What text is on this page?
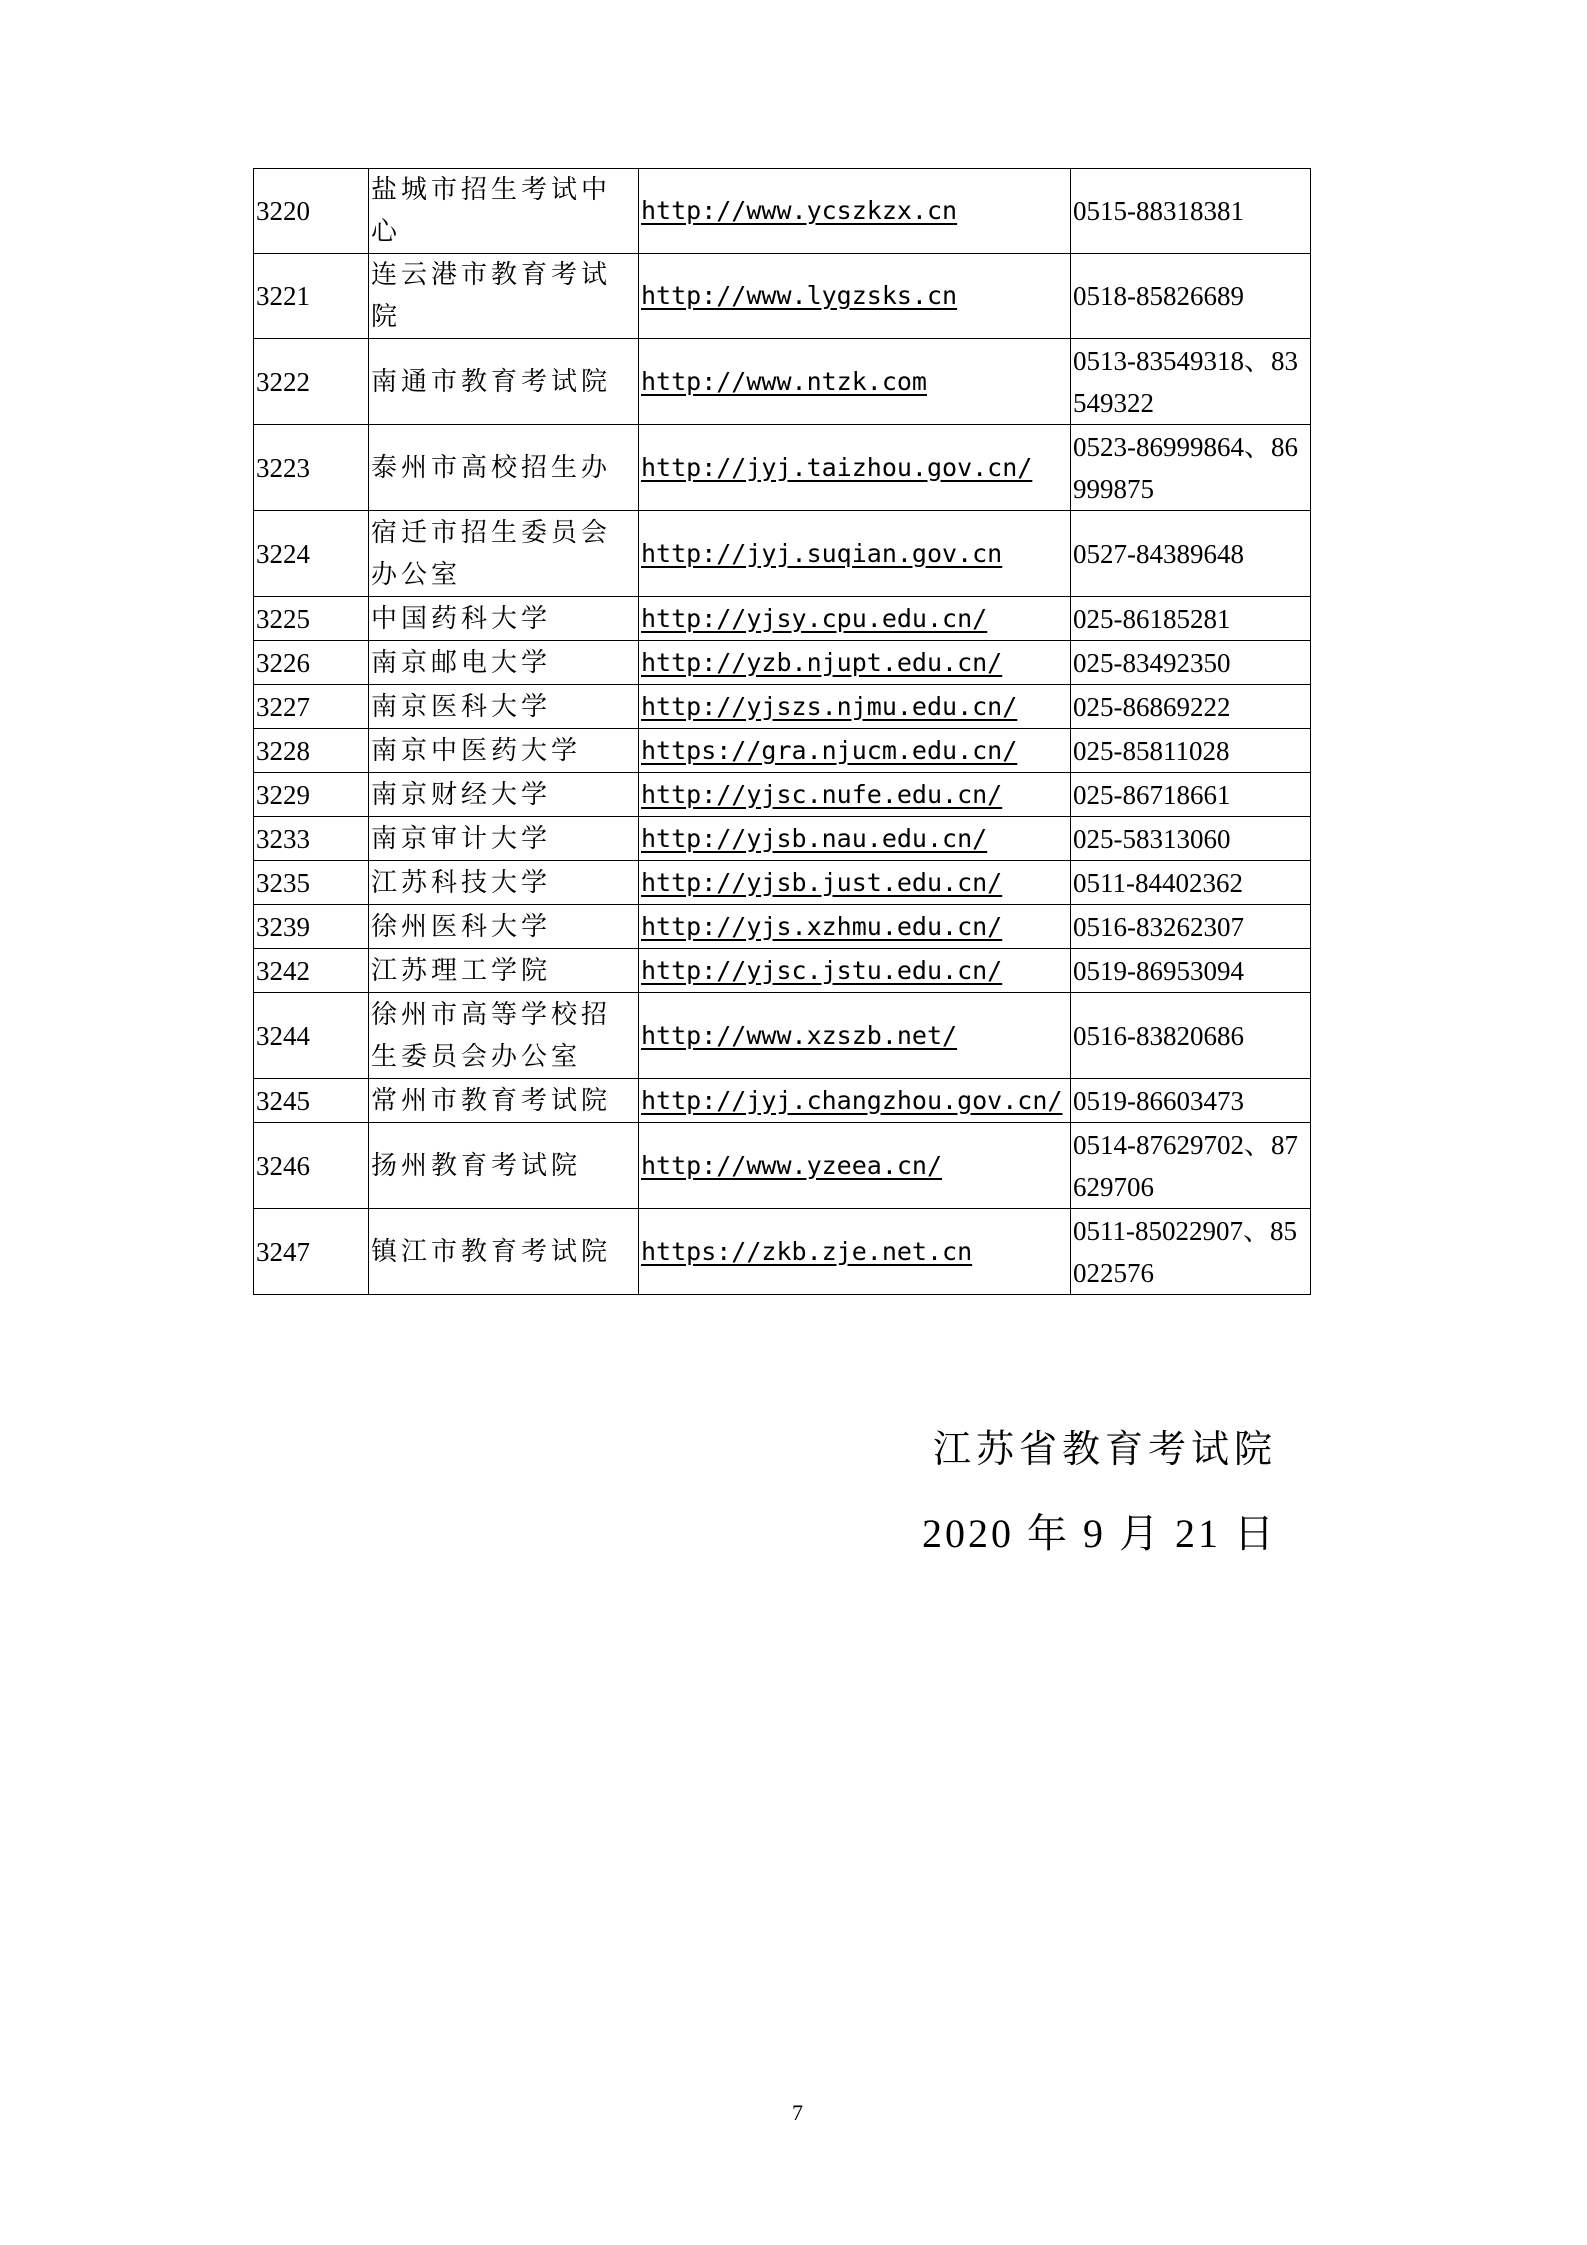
3220	盐城市招生考试中心	http://www.ycszkzx.cn	0515-88318381
3221	连云港市教育考试院	http://www.lygzsks.cn	0518-85826689
3222	南通市教育考试院	http://www.ntzk.com	0513-83549318、83549322
3223	泰州市高校招生办	http://jyj.taizhou.gov.cn/	0523-86999864、86999875
3224	宿迁市招生委员会办公室	http://jyj.suqian.gov.cn	0527-84389648
3225	中国药科大学	http://yjsy.cpu.edu.cn/	025-86185281
3226	南京邮电大学	http://yzb.njupt.edu.cn/	025-83492350
3227	南京医科大学	http://yjszs.njmu.edu.cn/	025-86869222
3228	南京中医药大学	https://gra.njucm.edu.cn/	025-85811028
3229	南京财经大学	http://yjsc.nufe.edu.cn/	025-86718661
3233	南京审计大学	http://yjsb.nau.edu.cn/	025-58313060
3235	江苏科技大学	http://yjsb.just.edu.cn/	0511-84402362
3239	徐州医科大学	http://yjs.xzhmu.edu.cn/	0516-83262307
3242	江苏理工学院	http://yjsc.jstu.edu.cn/	0519-86953094
3244	徐州市高等学校招生委员会办公室	http://www.xzszb.net/	0516-83820686
3245	常州市教育考试院	http://jyj.changzhou.gov.cn/	0519-86603473
3246	扬州教育考试院	http://www.yzeea.cn/	0514-87629702、87629706
3247	镇江市教育考试院	https://zkb.zje.net.cn	0511-85022907、85022576
江苏省教育考试院
2020 年 9 月 21 日
7
